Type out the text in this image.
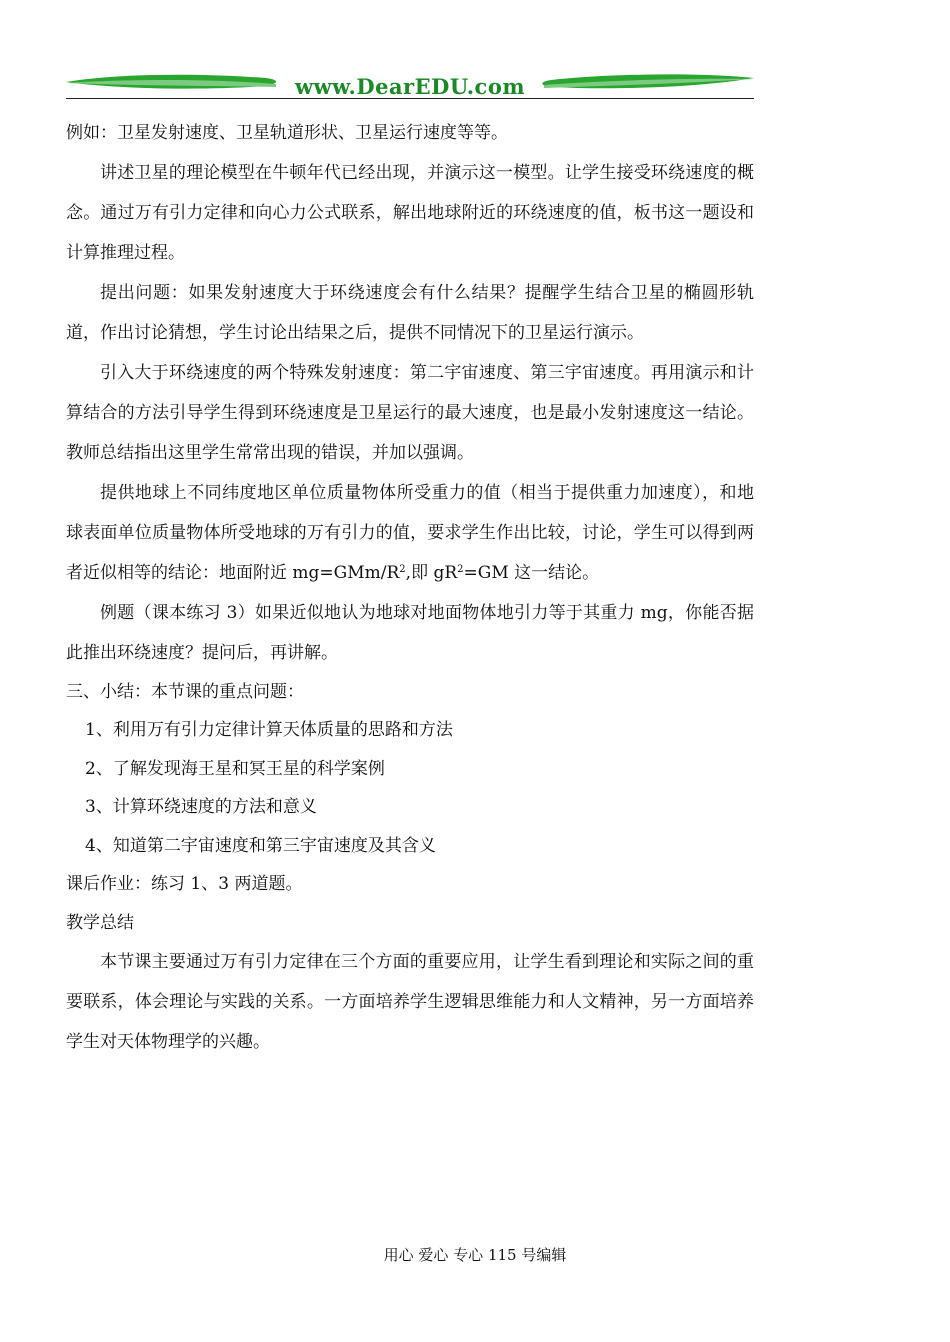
www.DearEDU.com

例如：卫星发射速度、卫星轨道形状、卫星运行速度等等。

讲述卫星的理论模型在牛顿年代已经出现，并演示这一模型。让学生接受环绕速度的概念。通过万有引力定律和向心力公式联系，解出地球附近的环绕速度的值，板书这一题设和计算推理过程。

提出问题：如果发射速度大于环绕速度会有什么结果？提醒学生结合卫星的椭圆形轨道，作出讨论猜想，学生讨论出结果之后，提供不同情况下的卫星运行演示。

引入大于环绕速度的两个特殊发射速度：第二宇宙速度、第三宇宙速度。再用演示和计算结合的方法引导学生得到环绕速度是卫星运行的最大速度，也是最小发射速度这一结论。教师总结指出这里学生常常出现的错误，并加以强调。

提供地球上不同纬度地区单位质量物体所受重力的值（相当于提供重力加速度），和地球表面单位质量物体所受地球的万有引力的值，要求学生作出比较，讨论，学生可以得到两者近似相等的结论：地面附近 $mg=GMm/R^2$,即 $gR^2=GM$ 这一结论。

例题（课本练习 3）如果近似地认为地球对地面物体地引力等于其重力 mg，你能否据此推出环绕速度？提问后，再讲解。

三、小结：本节课的重点问题：

1、利用万有引力定律计算天体质量的思路和方法

2、了解发现海王星和冥王星的科学案例

3、计算环绕速度的方法和意义

4、知道第二宇宙速度和第三宇宙速度及其含义

课后作业：练习 1、3 两道题。

教学总结

本节课主要通过万有引力定律在三个方面的重要应用，让学生看到理论和实际之间的重要联系，体会理论与实践的关系。一方面培养学生逻辑思维能力和人文精神，另一方面培养学生对天体物理学的兴趣。

用心 爱心 专心 115 号编辑
